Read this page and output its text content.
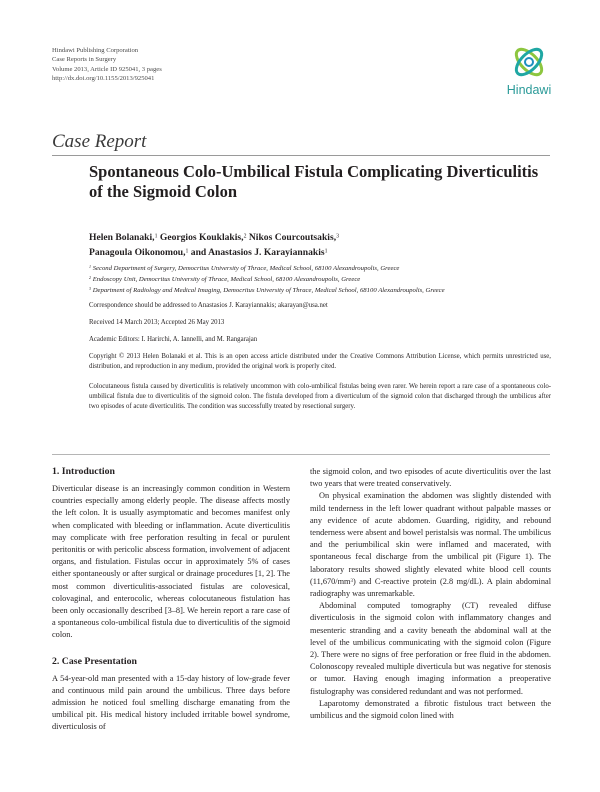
Hindawi Publishing Corporation
Case Reports in Surgery
Volume 2013, Article ID 925041, 3 pages
http://dx.doi.org/10.1155/2013/925041
Hindawi
Case Report
Spontaneous Colo-Umbilical Fistula Complicating Diverticulitis of the Sigmoid Colon
Helen Bolanaki,$^1$ Georgios Kouklakis,$^2$ Nikos Courcoutsakis,$^3$
Panagoula Oikonomou,$^1$ and Anastasios J. Karayiannakis$^1$
$^1$ Second Department of Surgery, Democritus University of Thrace, Medical School, 68100 Alexandroupolis, Greece
$^2$ Endoscopy Unit, Democritus University of Thrace, Medical School, 68100 Alexandroupolis, Greece
$^3$ Department of Radiology and Medical Imaging, Democritus University of Thrace, Medical School, 68100 Alexandroupolis, Greece
Correspondence should be addressed to Anastasios J. Karayiannakis; akarayan@usa.net
Received 14 March 2013; Accepted 26 May 2013
Academic Editors: I. Harirchi, A. Iannelli, and M. Rangarajan
Copyright © 2013 Helen Bolanaki et al. This is an open access article distributed under the Creative Commons Attribution License, which permits unrestricted use, distribution, and reproduction in any medium, provided the original work is properly cited.
Colocutaneous fistula caused by diverticulitis is relatively uncommon with colo-umbilical fistulas being even rarer. We herein report a rare case of a spontaneous colo-umbilical fistula due to diverticulitis of the sigmoid colon. The fistula developed from a diverticulum of the sigmoid colon that discharged through the umbilicus after two episodes of acute diverticulitis. The condition was successfully treated by resectional surgery.
1. Introduction

Diverticular disease is an increasingly common condition in Western countries especially among elderly people. The disease affects mostly the left colon. It is usually asymptomatic and becomes manifest only when complicated with bleeding or inflammation. Acute diverticulitis may complicate with free perforation resulting in fecal or purulent peritonitis or with pericolic abscess formation, involvement of adjacent organs, and fistulation. Fistulas occur in approximately 5% of cases either spontaneously or after surgical or drainage procedures [1, 2]. The most common diverticulitis-associated fistulas are colovesical, colovaginal, and enterocolic, whereas colocutaneous fistulation has been only occasionally described [3–8]. We herein report a rare case of a spontaneous colo-umbilical fistula due to diverticulitis of the sigmoid colon.

2. Case Presentation

A 54-year-old man presented with a 15-day history of low-grade fever and continuous mild pain around the umbilicus. Three days before admission he noticed foul smelling discharge emanating from the umbilical pit. His medical history included irritable bowel syndrome, diverticulosis of

the sigmoid colon, and two episodes of acute diverticulitis over the last two years that were treated conservatively.

On physical examination the abdomen was slightly distended with mild tenderness in the left lower quadrant without palpable masses or any evidence of acute abdomen. Guarding, rigidity, and rebound tenderness were absent and bowel peristalsis was normal. The umbilicus and the periumbilical skin were inflamed and macerated, with spontaneous fecal discharge from the umbilical pit (Figure 1). The laboratory results showed slightly elevated white blood cell counts $(11,670/mm^3)$ and C-reactive protein (2.8 mg/dL). A plain abdominal radiography was unremarkable.

Abdominal computed tomography (CT) revealed diffuse diverticulosis in the sigmoid colon with inflammatory changes and mesenteric stranding and a cavity beneath the abdominal wall at the level of the umbilicus communicating with the sigmoid colon (Figure 2). There were no signs of free perforation or free fluid in the abdomen. Colonoscopy revealed multiple diverticula but was negative for stenosis or tumor. Having enough imaging information a preoperative fistulography was considered redundant and was not performed.

Laparotomy demonstrated a fibrotic fistulous tract between the umbilicus and the sigmoid colon lined with
